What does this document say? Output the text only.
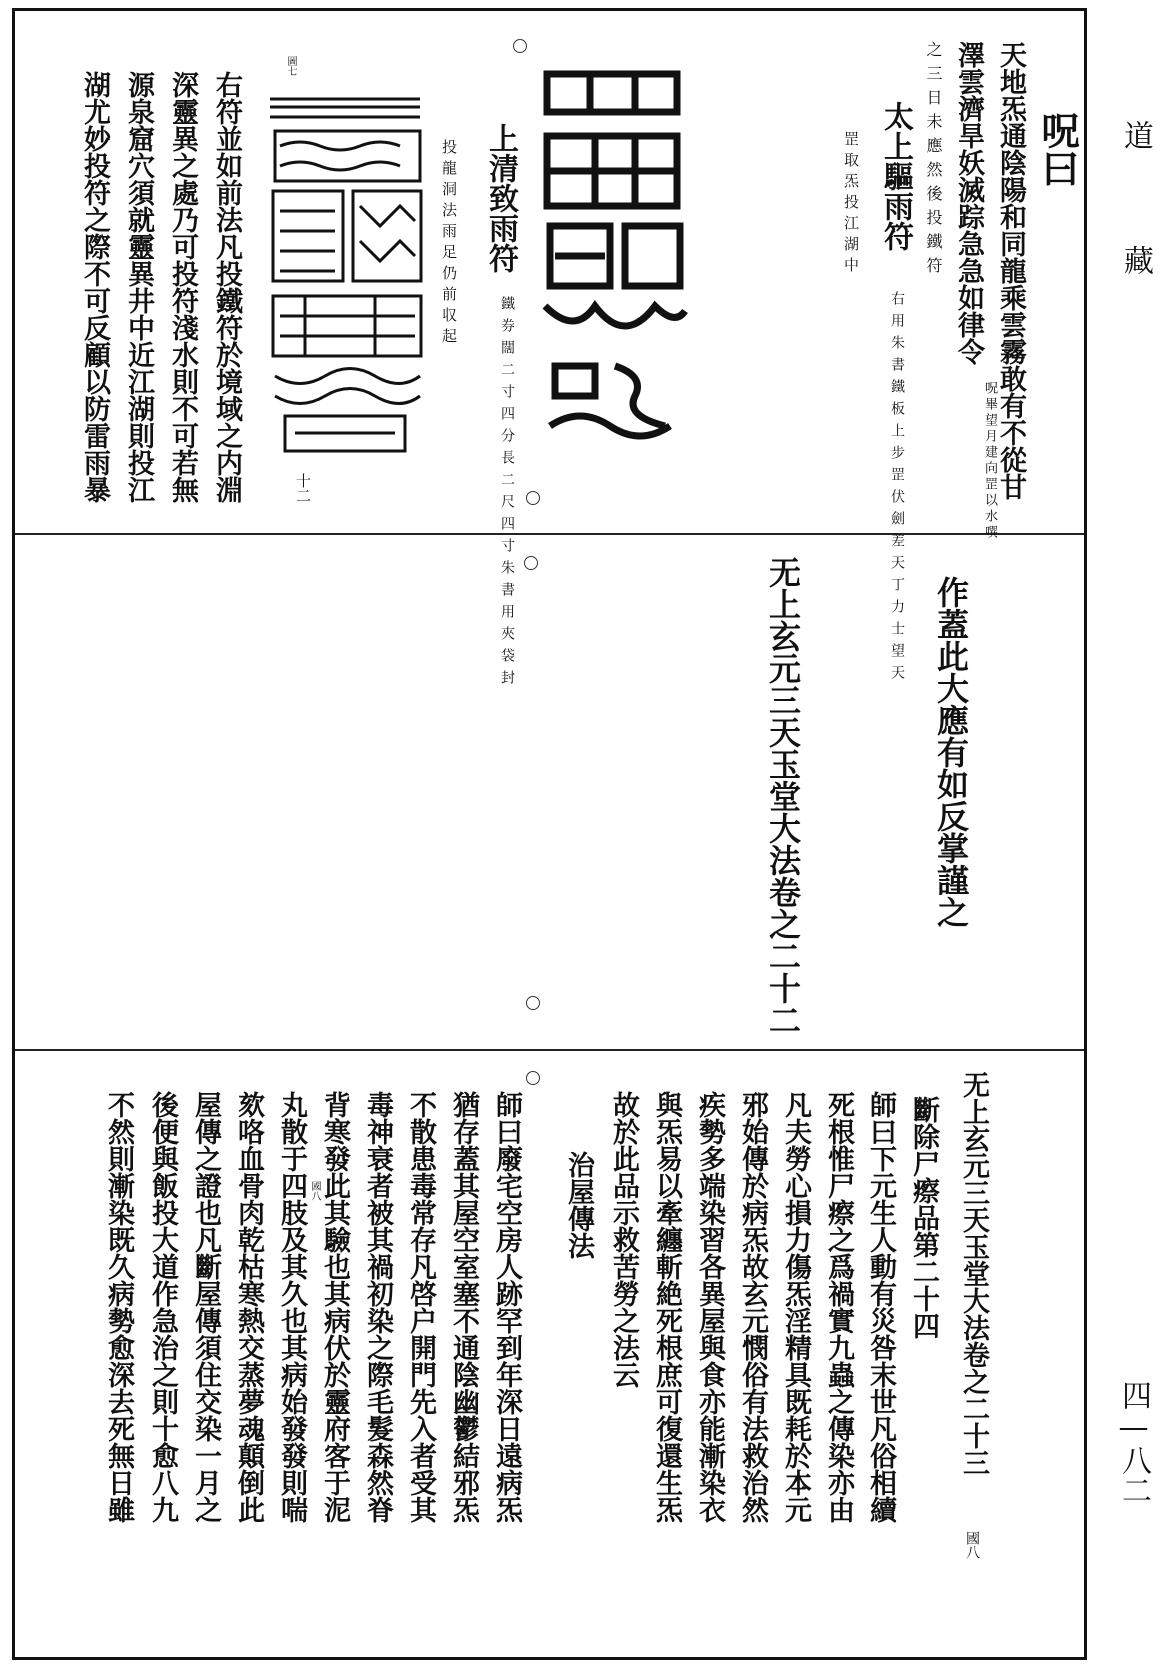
呪曰
天地炁通陰陽和同龍乘雲霧敢有不從甘
澤雲濟旱妖滅踪急急如律令
呪畢望月建向罡以水噀
之三日未應然後投鐵符
太上驅雨符
右用朱書鐵板上步罡伏劍差天丁力士望天
罡取炁投江湖中
上清致雨符
鐵券闊二寸四分長二尺四寸朱書用夾袋封
投龍洞法雨足仍前収起
圖七
十二
右符並如前法凡投鐵符於境域之内淵
深靈異之處乃可投符淺水則不可若無
源泉窟穴須就靈異井中近江湖則投江
湖尤妙投符之際不可反顧以防雷雨暴
作蓋此大應有如反掌謹之
无上玄元三天玉堂大法卷之二十二
无上玄元三天玉堂大法卷之二十三
國八
斷除尸瘵品第二十四
師曰下元生人動有災咎末世凡俗相續
死根惟尸瘵之爲禍實九蟲之傳染亦由
凡夫勞心損力傷炁淫精具既耗於本元
邪始傳於病炁故玄元憫俗有法救治然
疾勢多端染習各異屋與食亦能漸染衣
與炁易以牽纏斬絶死根庶可復還生炁
故於此品示救苦勞之法云
治屋傳法
師曰廢宅空房人跡罕到年深日遠病炁
猶存蓋其屋空室塞不通陰幽鬱結邪炁
不散患毒常存凡啓户開門先入者受其
毒神衰者被其禍初染之際毛髮森然脊
背寒發此其驗也其病伏於靈府客于泥
國八
丸散于四肢及其久也其病始發發則喘
欬咯血骨肉乾枯寒熱交蒸夢魂顛倒此
屋傳之證也凡斷屋傳須住交染一月之
後便與飯投大道作急治之則十愈八九
不然則漸染既久病勢愈深去死無日雖
道
藏
四—八二
